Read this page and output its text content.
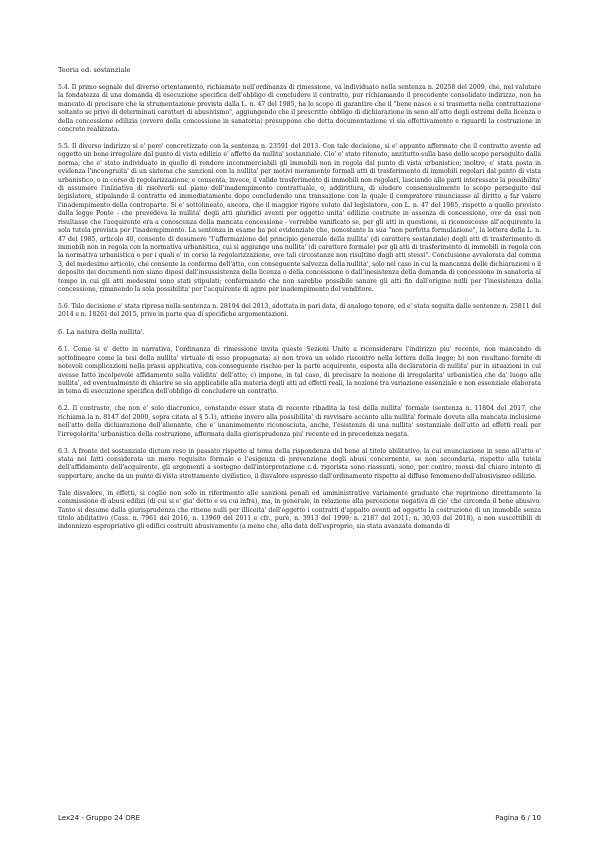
Teoria ed. sostanziale
5.4. Il primo segnale del diverso orientamento, richiamato nell'ordinanza di rimessione, va individuato nella sentenza n. 20258 del 2009, che, nel valutare la fondatezza di una domanda di esecuzione specifica dell'obbligo di concludere il contratto, pur richiamando il precedente consolidato indirizzo, non ha mancato di precisare che la strumentazione prevista dalla L. n. 47 del 1985, ha lo scopo di garantire che il "bene nasce e si trasmetta nella contrattazione soltanto se privo di determinati caratteri di abusivismo", aggiungendo che il prescritto obbligo di dichiarazione in seno all'atto degli estremi della licenza o della concessione edilizia (ovvero della concessione in sanatoria) presuppone che detta documentazione vi sia effettivamente e riguardi la costruzione in concreto realizzata.
5.5. Il diverso indirizzo si e' pero' concretizzato con la sentenza n. 23591 del 2013. Con tale decisione, si e' appunto affermato che il contratto avente ad oggetto un bene irregolare dal punto di vista edilizio e' affetto da nullita' sostanziale. Cio' e' stato ritenuto, anzitutto sulla base dello scopo perseguito dalla norma, che e' stato individuato in quello di rendere incommerciabili gli immobili non in regola dal punto di vista urbanistico; inoltre, e' stata posta in evidenza l'incongruita' di un sistema che sanzioni con la nullita' per motivi meramente formali atti di trasferimento di immobili regolari dal punto di vista urbanistico, o in corso di regolarizzazione, e consenta, invece, il valido trasferimento di immobili non regolari, lasciando alle parti interessate la possibilita' di assumere l'iniziativa di risolverli sul piano dell'inadempimento contrattuale, o, addirittura, di eludere consensualmente lo scopo perseguito dal legislatore, stipulando il contratto ed immediatamente dopo concludendo una transazione con la quale il compratore rinunciasse al diritto a far valere l'inadempimento della controparte. Si e' sottolineato, ancora, che il maggior rigore voluto dal legislatore, con L. n. 47 del 1985, rispetto a quello previsto dalla legge Ponte - che prevedeva la nullita' degli atti giuridici aventi per oggetto unita' edilizie costruite in assenza di concessione, ove da essi non risultasse che l'acquirente era a conoscenza della mancata concessione - verrebbe vanificato se, per gli atti in questione, si riconoscesse all'acquirente la sola tutela prevista per l'inadempimento. La sentenza in esame ha poi evidenziato che, nonostante la sua "non perfetta formulazione", la lettera della L. n. 47 del 1985, articolo 40, consente di desumere "l'affermazione del principio generale della nullita' (di carattere sostanziale) degli atti di trasferimento di immobili non in regola con la normativa urbanistica, cui si aggiunge una nullita' (di carattere formale) per gli atti di trasferimento di immobili in regola con la normativa urbanistica o per i quali e' in corso la regolarizzazione, ove tali circostanze non risultino dagli atti stessi". Conclusione avvalorata dal comma 3, del medesimo articolo, che consente la conferma dell'atto, con conseguente salvezza della nullita', solo nel caso in cui la mancanza delle dichiarazioni o il deposito dei documenti non siano dipesi dall'insussistenza della licenza o della concessione o dall'inesistenza della domanda di concessione in sanatoria al tempo in cui gli atti medesimi sono stati stipulati; confermando che non sarebbe possibile sanare gli atti fin dall'origine nulli per l'inesistenza della concessione, rimanendo la sola possibilita' per l'acquirente di agire per inadempimento del venditore.
5.6. Tale decisione e' stata ripresa nella sentenza n. 28194 del 2013, adottata in pari data, di analogo tenore, ed e' stata seguita dalle sentenze n. 25811 del 2014 e n. 18261 del 2015, prive in parte qua di specifiche argomentazioni.
6. La natura della nullita'.
6.1. Come si e' detto in narrativa, l'ordinanza di rimessione invita queste Sezioni Unite a riconsiderare l'indirizzo piu' recente, non mancando di sottolineare come la tesi della nullita' virtuale di esso propugnata: a) non trova un solido riscontro nella lettera della legge; b) non risultano fornite di notevoli complicazioni nella prassi applicativa, con conseguente rischio per la parte acquirente, esposta alla declaratoria di nullita' pur in situazioni in cui avesse fatto incolpevole affidamento sulla validita' dell'atto; c) impone, in tal caso, di precisare la nozione di irregolarita' urbanistica che da' luogo alla nullita', ed eventualmente di chiarire se sia applicabile alla materia degli atti ad effetti reali, la nozione tra variazione essenziale e non essenziale elaborata in tema di esecuzione specifica dell'obbligo di concludere un contratto.
6.2. Il contrasto, che non e' solo diacronico, constando esser stata di recente ribadita la tesi della nullita' formale (sentenza n. 11804 del 2017, che richiama la n. 8147 del 2000, sopra citata al § 5.1), attiene invero alla possibilita' di ravvisare accanto alla nullita' formale dovuta alla mancata inclusione nell'atto della dichiarazione dell'alienante, che e' unanimemente riconosciuta, anche, l'esistenza di una nullita' sostanziale dell'atto ad effetti reali per l'irregolarita' urbanistica della costruzione, affermata dalla giurisprudenza piu' recente ed in precedenza negata.
6.3. A fronte del sostanziale dictum reso in passato rispetto al tema della rispondenza del bene al titolo abilitativo, la cui enunciazione in seno all'atto e' stata nei fatti considerata un mero requisito formale e l'esigenza di prevenzione degli abusi concernente, se non secondaria, rispetto alla tutela dell'affidamento dell'acquirente, gli argomenti a sostegno dell'interpretazione c.d. rigorista sono riassunti, sono, per contro, mossi dal chiaro intento di supportare, anche da un punto di vista strettamente civilistico, il disvalore espresso dall'ordinamento rispetto al diffuso fenomeno dell'abusivismo edilizio.
Tale disvalore, in effetti, si coglie non solo in riferimento alle sanzioni penali ed amministrative variamente graduate che reprimono direttamente la commissione di abusi edilizi (di cui si e' gia' detto e su cui infra), ma, in generale, in relazione alla percezione negativa di cio' che circonda il bene abusivo. Tanto si desume dalla giurisprudenza che ritiene nulli per illiceita' dell'oggetto i contratti d'appalto aventi ad oggetto la costruzione di un immobile senza titolo abilitativo (Cass. n. 7961 del 2016, n. 13969 del 2011 e cfr., pure, n. 3913 del 1999; n. 2187 del 2011; n. 30,03 del 2018), a non suscettibili di indennizzo espropriativo gli edifici costruiti abusivamente (a meno che, alla data dell'esproprio, sia stata avanzata domanda di
Lex24 - Gruppo 24 ORE	Pagina 6 / 10
